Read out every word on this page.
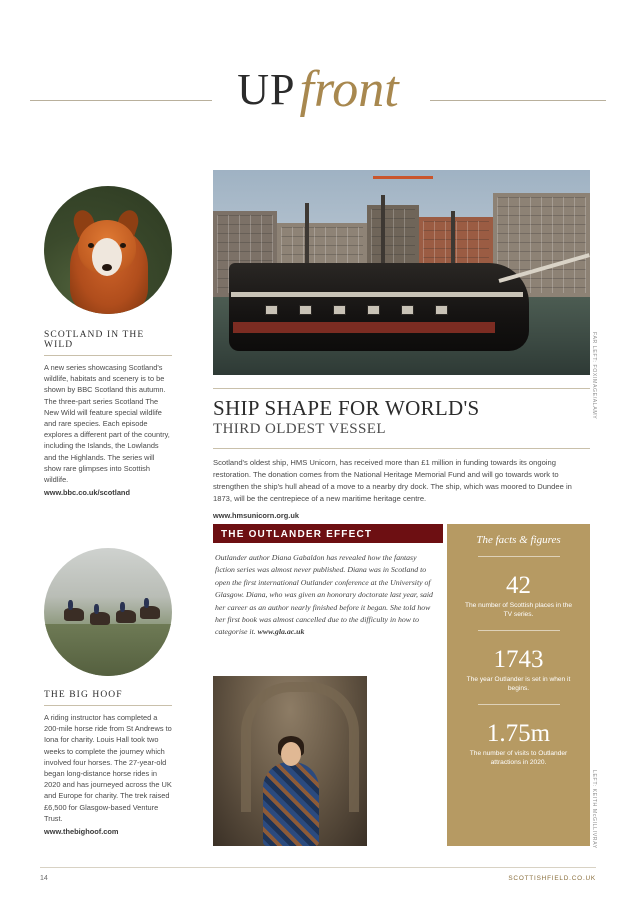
UPfront
SCOTLAND IN THE WILD
A new series showcasing Scotland's wildlife, habitats and scenery is to be shown by BBC Scotland this autumn. The three-part series Scotland The New Wild will feature special wildlife and rare species. Each episode explores a different part of the country, including the Islands, the Lowlands and the Highlands. The series will show rare glimpses into Scottish wildlife.
www.bbc.co.uk/scotland
THE BIG HOOF
A riding instructor has completed a 200-mile horse ride from St Andrews to Iona for charity. Louis Hall took two weeks to complete the journey which involved four horses. The 27-year-old began long-distance horse rides in 2020 and has journeyed across the UK and Europe for charity. The trek raised £6,500 for Glasgow-based Venture Trust.
www.thebighoof.com
FAR LEFT: FOXIMAGE/ALAMY
SHIP SHAPE FOR WORLD'S
THIRD OLDEST VESSEL
Scotland's oldest ship, HMS Unicorn, has received more than £1 million in funding towards its ongoing restoration. The donation comes from the National Heritage Memorial Fund and will go towards work to strengthen the ship's hull ahead of a move to a nearby dry dock. The ship, which was moored to Dundee in 1873, will be the centrepiece of a new maritime heritage centre.
www.hmsunicorn.org.uk
THE OUTLANDER EFFECT
Outlander author Diana Gabaldon has revealed how the fantasy fiction series was almost never published. Diana was in Scotland to open the first international Outlander conference at the University of Glasgow. Diana, who was given an honorary doctorate last year, said her career as an author nearly finished before it began. She told how her first book was almost cancelled due to the difficulty in how to categorise it. www.gla.ac.uk
LEFT: KEITH McGILLIVRAY
The facts & figures
42
The number of Scottish places in the TV series.
1743
The year Outlander is set in when it begins.
1.75m
The number of visits to Outlander attractions in 2020.
14	SCOTTISHFIELD.CO.UK
